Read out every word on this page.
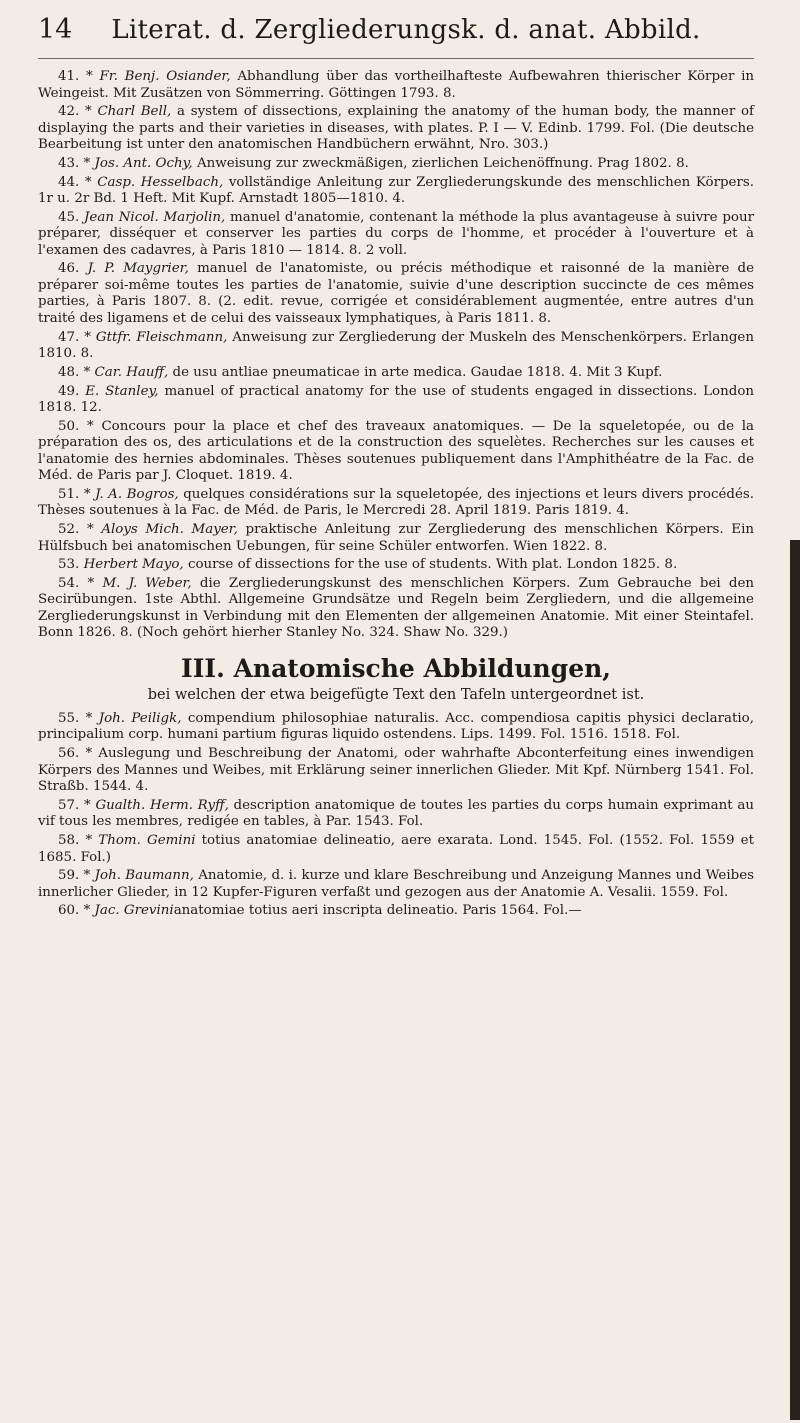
14	Literat. d. Zergliederungsk. d. anat. Abbild.

41. * Fr. Benj. Osiander, Abhandlung über das vortheilhafteste Aufbewahren thierischer Körper in Weingeist. Mit Zusätzen von Sömmerring. Göttingen 1793. 8.

42. * Charl Bell, a system of dissections, explaining the anatomy of the human body, the manner of displaying the parts and their varieties in diseases, with plates. P. I — V. Edinb. 1799. Fol. (Die deutsche Bearbeitung ist unter den anatomischen Handbüchern erwähnt, Nro. 303.)

43. * Jos. Ant. Ochy, Anweisung zur zweckmäßigen, zierlichen Leichenöffnung. Prag 1802. 8.

44. * Casp. Hesselbach, vollständige Anleitung zur Zergliederungskunde des menschlichen Körpers. 1r u. 2r Bd. 1 Heft. Mit Kupf. Arnstadt 1805—1810. 4.

45. Jean Nicol. Marjolin, manuel d'anatomie, contenant la méthode la plus avantageuse à suivre pour préparer, disséquer et conserver les parties du corps de l'homme, et procéder à l'ouverture et à l'examen des cadavres, à Paris 1810 — 1814. 8. 2 voll.

46. J. P. Maygrier, manuel de l'anatomiste, ou précis méthodique et raisonné de la manière de préparer soi-même toutes les parties de l'anatomie, suivie d'une description succincte de ces mêmes parties, à Paris 1807. 8. (2. edit. revue, corrigée et considérablement augmentée, entre autres d'un traité des ligamens et de celui des vaisseaux lymphatiques, à Paris 1811. 8.

47. * Gttfr. Fleischmann, Anweisung zur Zergliederung der Muskeln des Menschenkörpers. Erlangen 1810. 8.

48. * Car. Hauff, de usu antliae pneumaticae in arte medica. Gaudae 1818. 4. Mit 3 Kupf.

49. E. Stanley, manuel of practical anatomy for the use of students engaged in dissections. London 1818. 12.

50. * Concours pour la place et chef des traveaux anatomiques. — De la squeletopée, ou de la préparation des os, des articulations et de la construction des squelètes. Recherches sur les causes et l'anatomie des hernies abdominales. Thèses soutenues publiquement dans l'Amphithéatre de la Fac. de Méd. de Paris par J. Cloquet. 1819. 4.

51. * J. A. Bogros, quelques considérations sur la squeletopée, des injections et leurs divers procédés. Thèses soutenues à la Fac. de Méd. de Paris, le Mercredi 28. April 1819. Paris 1819. 4.

52. * Aloys Mich. Mayer, praktische Anleitung zur Zergliederung des menschlichen Körpers. Ein Hülfsbuch bei anatomischen Uebungen, für seine Schüler entworfen. Wien 1822. 8.

53. Herbert Mayo, course of dissections for the use of students. With plat. London 1825. 8.

54. * M. J. Weber, die Zergliederungskunst des menschlichen Körpers. Zum Gebrauche bei den Secirübungen. 1ste Abthl. Allgemeine Grundsätze und Regeln beim Zergliedern, und die allgemeine Zergliederungskunst in Verbindung mit den Elementen der allgemeinen Anatomie. Mit einer Steintafel. Bonn 1826. 8. (Noch gehört hierher Stanley No. 324. Shaw No. 329.)

III. Anatomische Abbildungen,
bei welchen der etwa beigefügte Text den Tafeln untergeordnet ist.

55. * Joh. Peiligk, compendium philosophiae naturalis. Acc. compendiosa capitis physici declaratio, principalium corp. humani partium figuras liquido ostendens. Lips. 1499. Fol. 1516. 1518. Fol.

56. * Auslegung und Beschreibung der Anatomi, oder wahrhafte Abconterfeitung eines inwendigen Körpers des Mannes und Weibes, mit Erklärung seiner innerlichen Glieder. Mit Kpf. Nürnberg 1541. Fol. Straßb. 1544. 4.

57. * Gualth. Herm. Ryff, description anatomique de toutes les parties du corps humain exprimant au vif tous les membres, redigée en tables, à Par. 1543. Fol.

58. * Thom. Gemini totius anatomiae delineatio, aere exarata. Lond. 1545. Fol. (1552. Fol. 1559 et 1685. Fol.)

59. * Joh. Baumann, Anatomie, d. i. kurze und klare Beschreibung und Anzeigung Mannes und Weibes innerlicher Glieder, in 12 Kupfer-Figuren verfaßt und gezogen aus der Anatomie A. Vesalii. 1559. Fol.

60. * Jac. Grevinianatomiae totius aeri inscripta delineatio. Paris 1564. Fol.—
